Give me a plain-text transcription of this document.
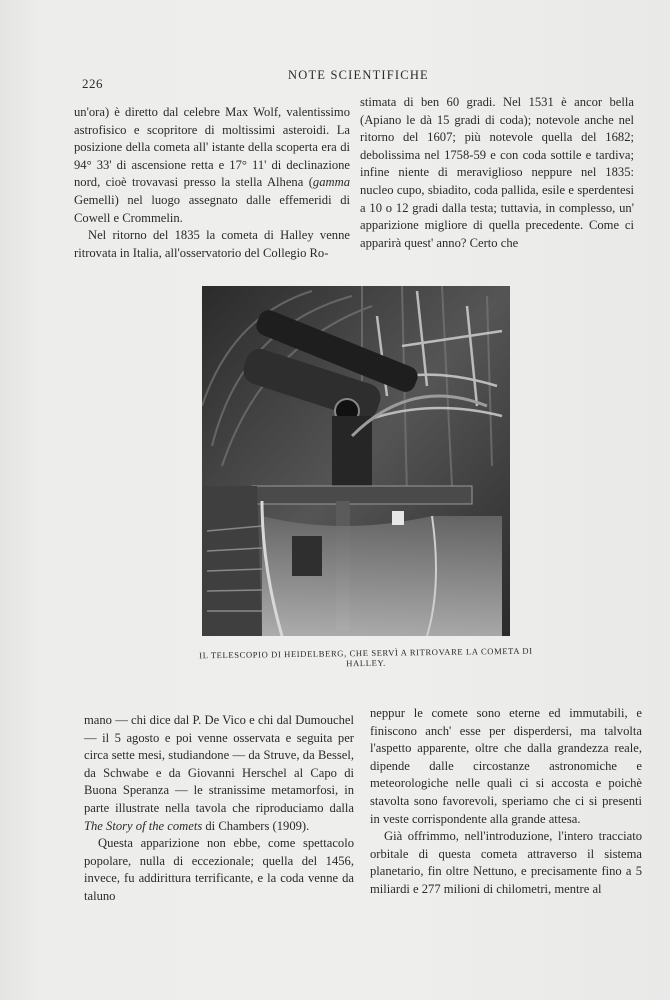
226
NOTE SCIENTIFICHE

un'ora) è diretto dal celebre Max Wolf, valentissimo astrofisico e scopritore di moltissimi asteroidi. La posizione della cometa all' istante della scoperta era di 94° 33' di ascensione retta e 17° 11' di declinazione nord, cioè trovavasi presso la stella Alhena (gamma Gemelli) nel luogo assegnato dalle effemeridi di Cowell e Crommelin.

Nel ritorno del 1835 la cometa di Halley venne ritrovata in Italia, all'osservatorio del Collegio Ro-

stimata di ben 60 gradi. Nel 1531 è ancor bella (Apiano le dà 15 gradi di coda); notevole anche nel ritorno del 1607; più notevole quella del 1682; debolissima nel 1758-59 e con coda sottile e tardiva; infine niente di meraviglioso neppure nel 1835: nucleo cupo, sbiadito, coda pallida, esile e sperdentesi a 10 o 12 gradi dalla testa; tuttavia, in complesso, un' apparizione migliore di quella precedente. Come ci apparirà quest' anno? Certo che

IL TELESCOPIO DI HEIDELBERG, CHE SERVÌ A RITROVARE LA COMETA DI HALLEY.

mano — chi dice dal P. De Vico e chi dal Dumouchel — il 5 agosto e poi venne osservata e seguita per circa sette mesi, studiandone — da Struve, da Bessel, da Schwabe e da Giovanni Herschel al Capo di Buona Speranza — le stranissime metamorfosi, in parte illustrate nella tavola che riproduciamo dalla The Story of the comets di Chambers (1909).

Questa apparizione non ebbe, come spettacolo popolare, nulla di eccezionale; quella del 1456, invece, fu addirittura terrificante, e la coda venne da taluno

neppur le comete sono eterne ed immutabili, e finiscono anch' esse per disperdersi, ma talvolta l'aspetto apparente, oltre che dalla grandezza reale, dipende dalle circostanze astronomiche e meteorologiche nelle quali ci si accosta e poichè stavolta sono favorevoli, speriamo che ci si presenti in veste corrispondente alla grande attesa.

Già offrimmo, nell'introduzione, l'intero tracciato orbitale di questa cometa attraverso il sistema planetario, fin oltre Nettuno, e precisamente fino a 5 miliardi e 277 milioni di chilometri, mentre al
